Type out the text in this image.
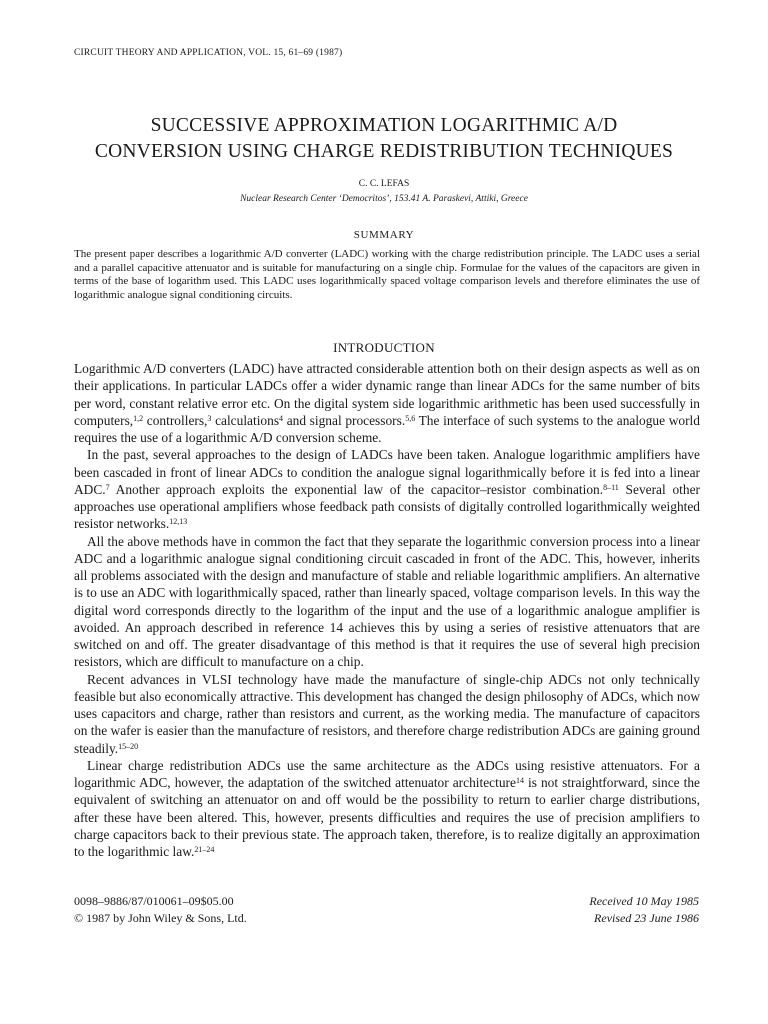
CIRCUIT THEORY AND APPLICATION, VOL. 15, 61–69 (1987)
SUCCESSIVE APPROXIMATION LOGARITHMIC A/D
CONVERSION USING CHARGE REDISTRIBUTION TECHNIQUES
C. C. LEFAS
Nuclear Research Center ‘Democritos’, 153.41 A. Paraskevi, Attiki, Greece
SUMMARY

The present paper describes a logarithmic A/D converter (LADC) working with the charge redistribution principle. The LADC uses a serial and a parallel capacitive attenuator and is suitable for manufacturing on a single chip. Formulae for the values of the capacitors are given in terms of the base of logarithm used. This LADC uses logarithmically spaced voltage comparison levels and therefore eliminates the use of logarithmic analogue signal conditioning circuits.

INTRODUCTION

Logarithmic A/D converters (LADC) have attracted considerable attention both on their design aspects as well as on their applications. In particular LADCs offer a wider dynamic range than linear ADCs for the same number of bits per word, constant relative error etc. On the digital system side logarithmic arithmetic has been used successfully in computers,$^{1,2}$ controllers,$^3$ calculations$^4$ and signal processors.$^{5,6}$ The interface of such systems to the analogue world requires the use of a logarithmic A/D conversion scheme.

In the past, several approaches to the design of LADCs have been taken. Analogue logarithmic amplifiers have been cascaded in front of linear ADCs to condition the analogue signal logarithmically before it is fed into a linear ADC.$^7$ Another approach exploits the exponential law of the capacitor–resistor combination.$^{8-11}$ Several other approaches use operational amplifiers whose feedback path consists of digitally controlled logarithmically weighted resistor networks.$^{12,13}$

All the above methods have in common the fact that they separate the logarithmic conversion process into a linear ADC and a logarithmic analogue signal conditioning circuit cascaded in front of the ADC. This, however, inherits all problems associated with the design and manufacture of stable and reliable logarithmic amplifiers. An alternative is to use an ADC with logarithmically spaced, rather than linearly spaced, voltage comparison levels. In this way the digital word corresponds directly to the logarithm of the input and the use of a logarithmic analogue amplifier is avoided. An approach described in reference 14 achieves this by using a series of resistive attenuators that are switched on and off. The greater disadvantage of this method is that it requires the use of several high precision resistors, which are difficult to manufacture on a chip.

Recent advances in VLSI technology have made the manufacture of single-chip ADCs not only technically feasible but also economically attractive. This development has changed the design philosophy of ADCs, which now uses capacitors and charge, rather than resistors and current, as the working media. The manufacture of capacitors on the wafer is easier than the manufacture of resistors, and therefore charge redistribution ADCs are gaining ground steadily.$^{15-20}$

Linear charge redistribution ADCs use the same architecture as the ADCs using resistive attenuators. For a logarithmic ADC, however, the adaptation of the switched attenuator architecture$^{14}$ is not straightforward, since the equivalent of switching an attenuator on and off would be the possibility to return to earlier charge distributions, after these have been altered. This, however, presents difficulties and requires the use of precision amplifiers to charge capacitors back to their previous state. The approach taken, therefore, is to realize digitally an approximation to the logarithmic law.$^{21-24}$

0098–9886/87/010061–09$05.00
© 1987 by John Wiley & Sons, Ltd.
Received 10 May 1985
Revised 23 June 1986
